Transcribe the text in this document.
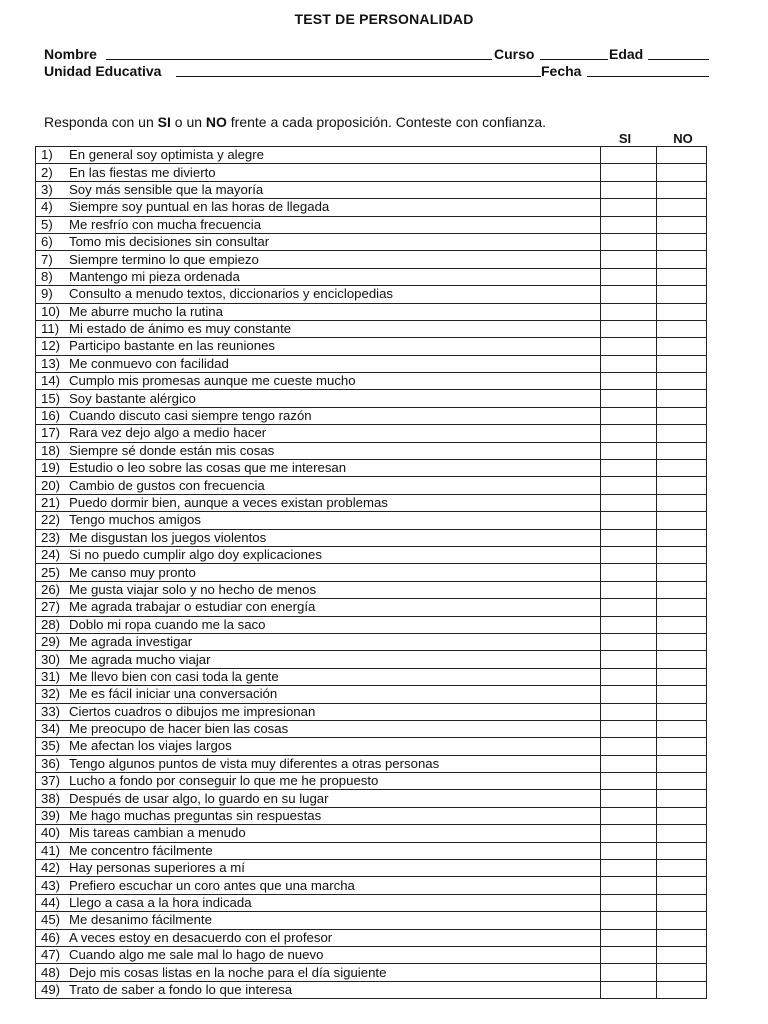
TEST DE PERSONALIDAD
Nombre	Curso	Edad
Unidad Educativa	Fecha
Responda con un SI o un NO frente a cada proposición. Conteste con confianza.
SI	NO
1) En general soy optimista y alegre		
2) En las fiestas me divierto		
3) Soy más sensible que la mayoría		
4) Siempre soy puntual en las horas de llegada		
5) Me resfrío con mucha frecuencia		
6) Tomo mis decisiones sin consultar		
7) Siempre termino lo que empiezo		
8) Mantengo mi pieza ordenada		
9) Consulto a menudo textos, diccionarios y enciclopedias		
10) Me aburre mucho la rutina		
11) Mi estado de ánimo es muy constante		
12) Participo bastante en las reuniones		
13) Me conmuevo con facilidad		
14) Cumplo mis promesas aunque me cueste mucho		
15) Soy bastante alérgico		
16) Cuando discuto casi siempre tengo razón		
17) Rara vez dejo algo a medio hacer		
18) Siempre sé donde están mis cosas		
19) Estudio o leo sobre las cosas que me interesan		
20) Cambio de gustos con frecuencia		
21) Puedo dormir bien, aunque a veces existan problemas		
22) Tengo muchos amigos		
23) Me disgustan los juegos violentos		
24) Si no puedo cumplir algo doy explicaciones		
25) Me canso muy pronto		
26) Me gusta viajar solo y no hecho de menos		
27) Me agrada trabajar o estudiar con energía		
28) Doblo mi ropa cuando me la saco		
29) Me agrada investigar		
30) Me agrada mucho viajar		
31) Me llevo bien con casi toda la gente		
32) Me es fácil iniciar una conversación		
33) Ciertos cuadros o dibujos me impresionan		
34) Me preocupo de hacer bien las cosas		
35) Me afectan los viajes largos		
36) Tengo algunos puntos de vista muy diferentes a otras personas		
37) Lucho a fondo por conseguir lo que me he propuesto		
38) Después de usar algo, lo guardo en su lugar		
39) Me hago muchas preguntas sin respuestas		
40) Mis tareas cambian a menudo		
41) Me concentro fácilmente		
42) Hay personas superiores a mí		
43) Prefiero escuchar un coro antes que una marcha		
44) Llego a casa a la hora indicada		
45) Me desanimo fácilmente		
46) A veces estoy en desacuerdo con el profesor		
47) Cuando algo me sale mal lo hago de nuevo		
48) Dejo mis cosas listas en la noche para el día siguiente		
49) Trato de saber a fondo lo que interesa		
